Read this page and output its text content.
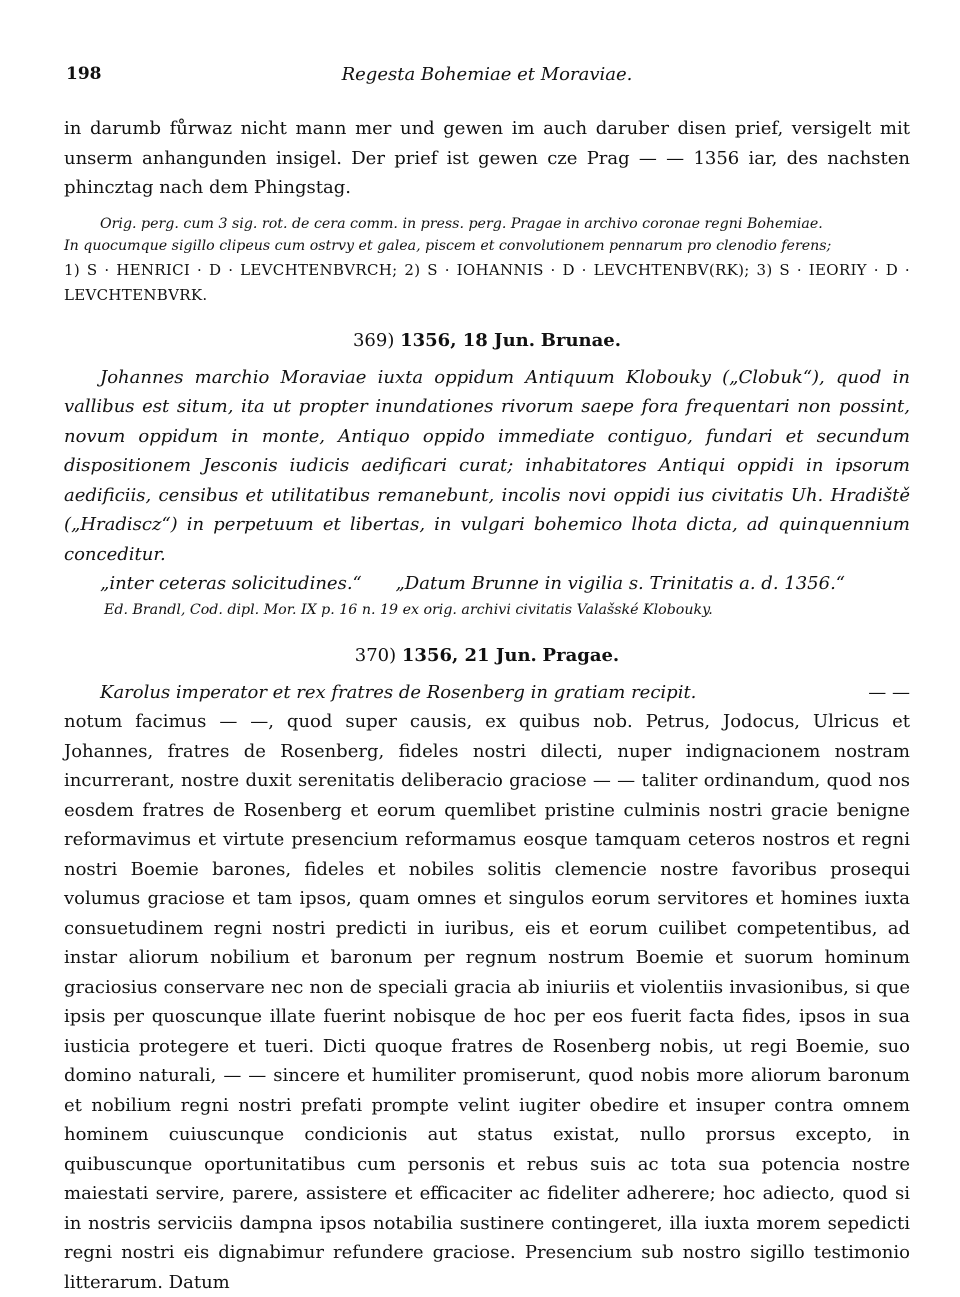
198	Regesta Bohemiae et Moraviae.

in darumb fůrwaz nicht mann mer und gewen im auch daruber disen prief, versigelt mit unserm anhangunden insigel. Der prief ist gewen cze Prag — — 1356 iar, des nachsten phincztag nach dem Phingstag.

Orig. perg. cum 3 sig. rot. de cera comm. in press. perg. Pragae in archivo coronae regni Bohemiae.

In quocumque sigillo clipeus cum ostrvy et galea, piscem et convolutionem pennarum pro clenodio ferens;

1) S · HENRICI · D · LEVCHTENBVRCH; 2) S · IOHANNIS · D · LEVCHTENBV(RK); 3) S · IEORIY · D · LEVCHTENBVRK.

369) 1356, 18 Jun. Brunae.

Johannes marchio Moraviae iuxta oppidum Antiquum Klobouky („Clobuk“), quod in vallibus est situm, ita ut propter inundationes rivorum saepe fora frequentari non possint, novum oppidum in monte, Antiquo oppido immediate contiguo, fundari et secundum dispositionem Jesconis iudicis aedificari curat; inhabitatores Antiqui oppidi in ipsorum aedificiis, censibus et utilitatibus remanebunt, incolis novi oppidi ius civitatis Uh. Hradiště („Hradiscz“) in perpetuum et libertas, in vulgari bohemico lhota dicta, ad quinquennium conceditur.

„inter ceteras solicitudines.“ „Datum Brunne in vigilia s. Trinitatis a. d. 1356.“

Ed. Brandl, Cod. dipl. Mor. IX p. 16 n. 19 ex orig. archivi civitatis Valašské Klobouky.

370) 1356, 21 Jun. Pragae.

Karolus imperator et rex fratres de Rosenberg in gratiam recipit.	— —

notum facimus — —, quod super causis, ex quibus nob. Petrus, Jodocus, Ulricus et Johannes, fratres de Rosenberg, fideles nostri dilecti, nuper indignacionem nostram incurrerant, nostre duxit serenitatis deliberacio graciose — — taliter ordinandum, quod nos eosdem fratres de Rosenberg et eorum quemlibet pristine culminis nostri gracie benigne reformavimus et virtute presencium reformamus eosque tamquam ceteros nostros et regni nostri Boemie barones, fideles et nobiles solitis clemencie nostre favoribus prosequi volumus graciose et tam ipsos, quam omnes et singulos eorum servitores et homines iuxta consuetudinem regni nostri predicti in iuribus, eis et eorum cuilibet competentibus, ad instar aliorum nobilium et baronum per regnum nostrum Boemie et suorum hominum graciosius conservare nec non de speciali gracia ab iniuriis et violentiis invasionibus, si que ipsis per quoscunque illate fuerint nobisque de hoc per eos fuerit facta fides, ipsos in sua iusticia protegere et tueri. Dicti quoque fratres de Rosenberg nobis, ut regi Boemie, suo domino naturali, — — sincere et humiliter promiserunt, quod nobis more aliorum baronum et nobilium regni nostri prefati prompte velint iugiter obedire et insuper contra omnem hominem cuiuscunque condicionis aut status existat, nullo prorsus excepto, in quibuscunque oportunitatibus cum personis et rebus suis ac tota sua potencia nostre maiestati servire, parere, assistere et efficaciter ac fideliter adherere; hoc adiecto, quod si in nostris serviciis dampna ipsos notabilia sustinere contingeret, illa iuxta morem sepedicti regni nostri eis dignabimur refundere graciose. Presencium sub nostro sigillo testimonio litterarum. Datum
